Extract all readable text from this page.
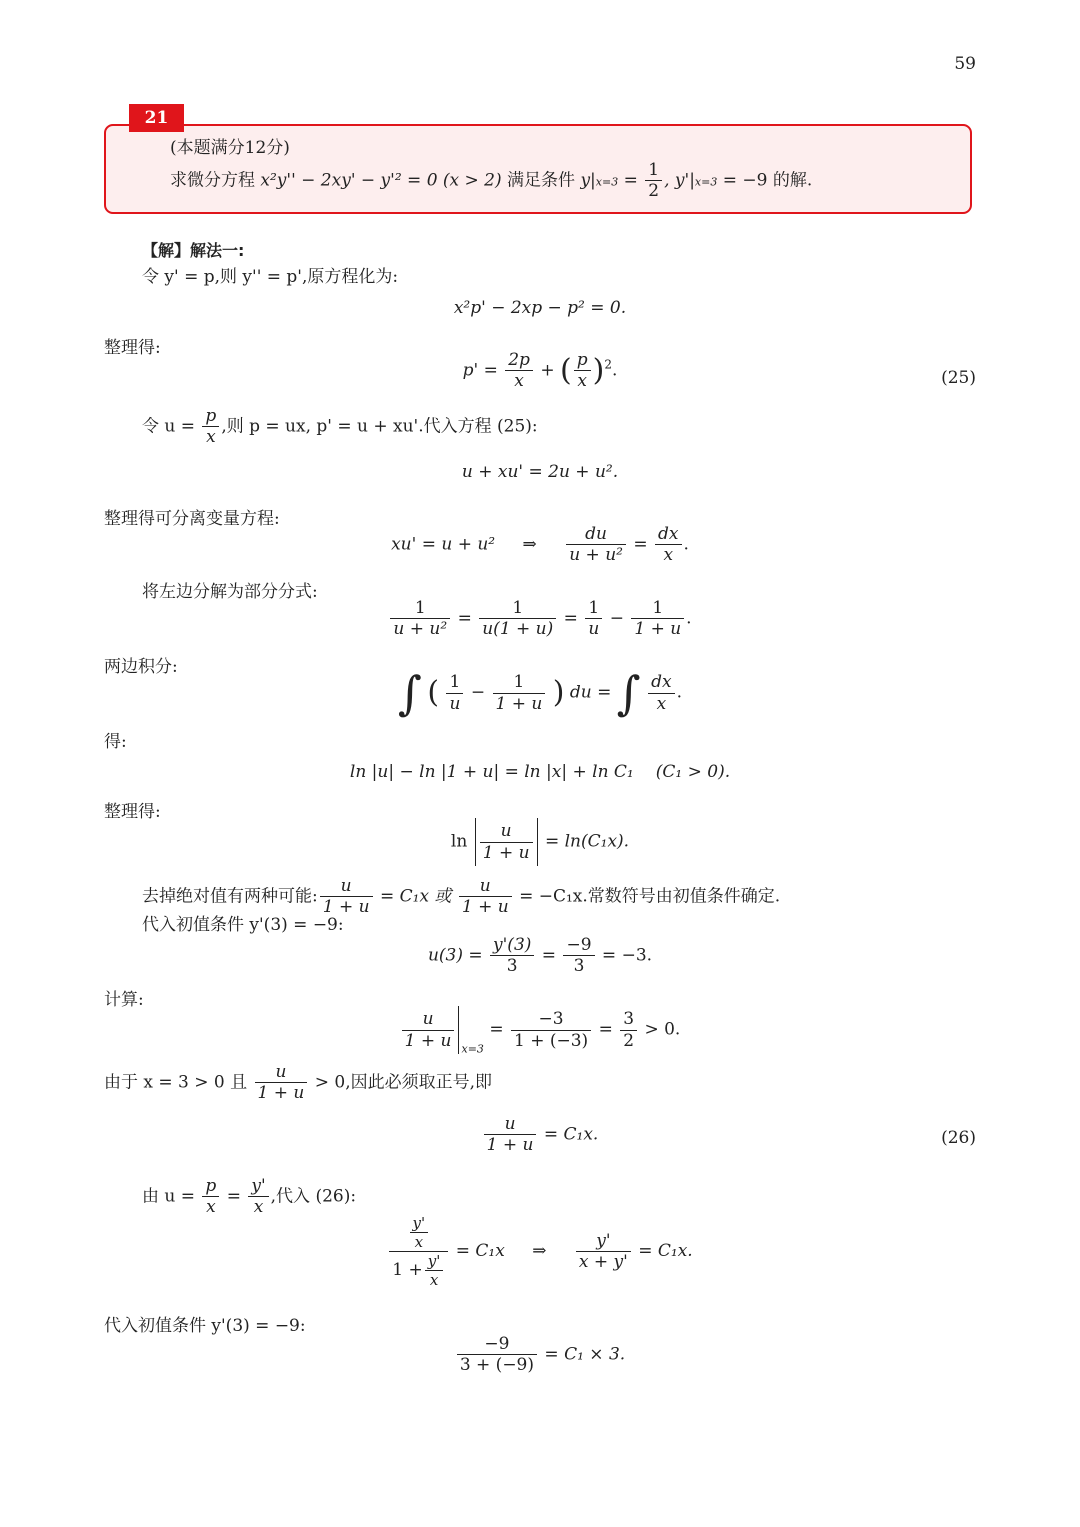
59
21
(本题满分12分)
求微分方程 x²y'' − 2xy' − y'² = 0 (x > 2) 满足条件 $y|x=3 = \frac{1}{2}$ , y'|x=3 = −9 的解.
【解】解法一:
令 y' = p,则 y'' = p',原方程化为:
x²p' − 2xp − p² = 0.
整理得:
$p' = \frac{2p}{x}$ + ( $\frac{p}{x} )^2$.	(25)
令 $u = \frac{p}{x}$ ,则 p = ux, p' = u + xu'.代入方程 (25):
u + xu' = 2u + u².
整理得可分离变量方程:
xu' = u + u² ⇒ $\frac{du}{\text{u + u²}} = \frac{dx}{x}$ .
将左边分解为部分分式:
$\frac{1}{\text{u + u²}} = \frac{1}{u(1 + u)} = \frac{1}{u} - \frac{1}{1 + u}$ .
两边积分:	∫ ( $\frac{1}{u} - \frac{1}{1 + u}$ ) du = ∫ $\frac{dx}{x}$ .
得:
ln |u| − ln |1 + u| = ln |x| + ln C₁ (C₁ > 0).
整理得:
$\ln \frac{u}{1 + u} = \ln(C_1x)$.
去掉绝对值有两种可能: $\frac{u}{1 + u} = C_1x$ 或 $\frac{u}{1 + u} = -C_1x$.常数符号由初值条件确定.
代入初值条件 y'(3) = −9:
$u(3) = \frac{y'(3)}{3} = \frac{-9}{3} = -3$.
计算:
$\frac{u}{1 + u} _{x=3} = \frac{-3}{1 + (-3)} = \frac{3}{2} > 0$.
由于 x = 3 > 0 且 $\frac{u}{1 + u} > 0$,因此必须取正号,即
$\frac{u}{1 + u} = C_1x$.	(26)
由 $u = \frac{p}{x} = \frac{y'}{x}$ ,代入 (26):
$\frac{\frac{y'}{x}}{1 + \frac{y'}{x}} = C_1x$ ⇒ $\frac{y'}{x + y'} = C_1x$.
代入初值条件 y'(3) = −9:
$\frac{-9}{3 + (-9)} = C_1 \times 3$.
